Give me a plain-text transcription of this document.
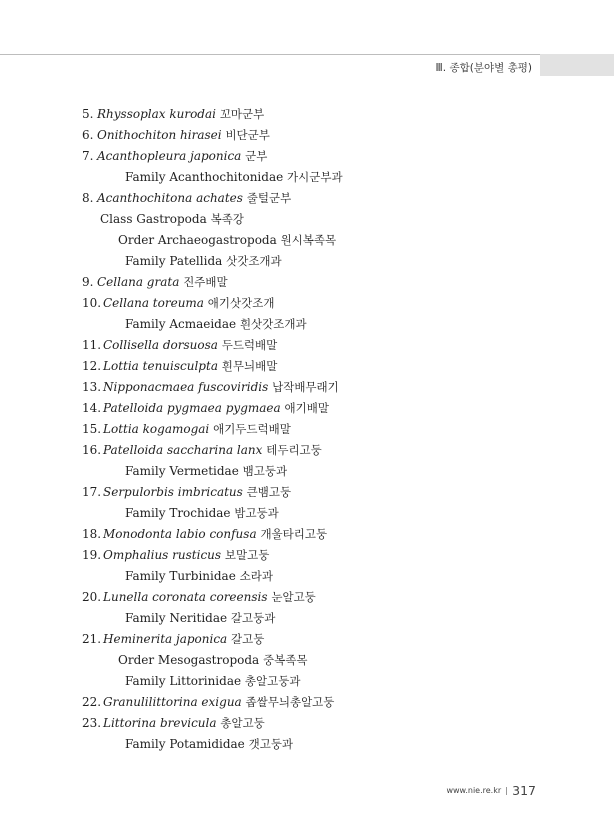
Ⅲ. 종합(분야별 총평)
5. Rhyssoplax kurodai 꼬마군부
6. Onithochiton hirasei 비단군부
7. Acanthopleura japonica 군부
Family Acanthochitonidae 가시군부과
8. Acanthochitona achates 줄털군부
Class Gastropoda 복족강
Order Archaeogastropoda 원시복족목
Family Patellida 삿갓조개과
9. Cellana grata 진주배말
10. Cellana toreuma 애기삿갓조개
Family Acmaeidae 흰삿갓조개과
11. Collisella dorsuosa 두드럭배말
12. Lottia tenuisculpta 흰무늬배말
13. Nipponacmaea fuscoviridis 납작배무래기
14. Patelloida pygmaea pygmaea 애기배말
15. Lottia kogamogai 애기두드럭배말
16. Patelloida saccharina lanx 테두리고둥
Family Vermetidae 뱀고둥과
17. Serpulorbis imbricatus 큰뱀고둥
Family Trochidae 밤고둥과
18. Monodonta labio confusa 개울타리고둥
19. Omphalius rusticus 보말고둥
Family Turbinidae 소라과
20. Lunella coronata coreensis 눈알고둥
Family Neritidae 갈고둥과
21. Heminerita japonica 갈고둥
Order Mesogastropoda 중복족목
Family Littorinidae 총알고둥과
22. Granulilittorina exigua 좁쌀무늬총알고둥
23. Littorina brevicula 총알고둥
Family Potamididae 갯고둥과
www.nie.re.kr 317
